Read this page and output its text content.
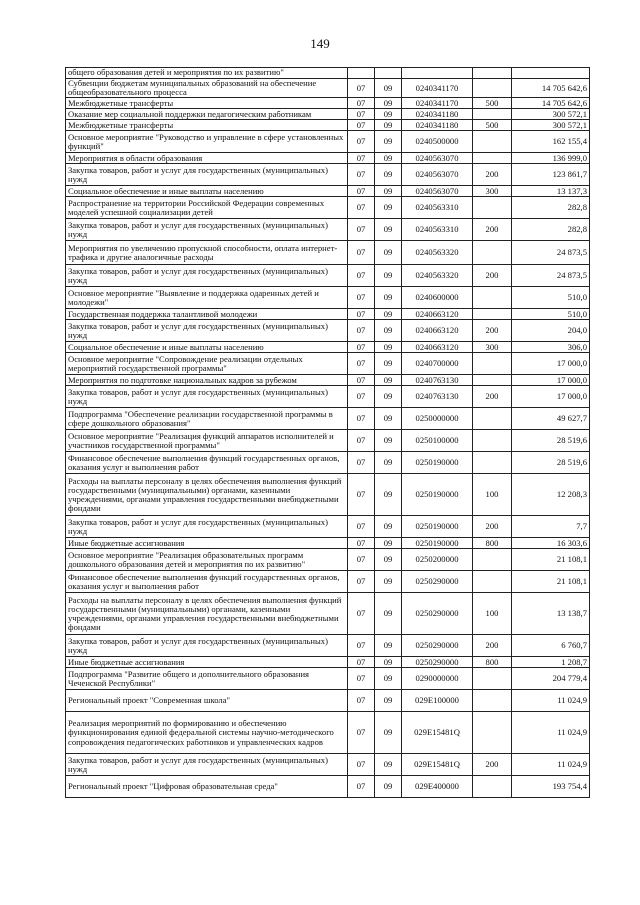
149
общего образования детей и мероприятия по их развитию"					
Субвенции бюджетам муниципальных образований на обеспечение общеобразовательного процесса	07	09	0240341170		14 705 642,6
Межбюджетные трансферты	07	09	0240341170	500	14 705 642,6
Оказание мер социальной поддержки педагогическим работникам	07	09	0240341180		300 572,1
Межбюджетные трансферты	07	09	0240341180	500	300 572,1
Основное мероприятие "Руководство и управление в сфере установленных функций"	07	09	0240500000		162 155,4
Мероприятия в области образования	07	09	0240563070		136 999,0
Закупка товаров, работ и услуг для государственных (муниципальных) нужд	07	09	0240563070	200	123 861,7
Социальное обеспечение и иные выплаты населению	07	09	0240563070	300	13 137,3
Распространение на территории Российской Федерации современных моделей успешной социализации детей	07	09	0240563310		282,8
Закупка товаров, работ и услуг для государственных (муниципальных) нужд	07	09	0240563310	200	282,8
Мероприятия по увеличению пропускной способности, оплата интернет-трафика и другие аналогичные расходы	07	09	0240563320		24 873,5
Закупка товаров, работ и услуг для государственных (муниципальных) нужд	07	09	0240563320	200	24 873,5
Основное мероприятие "Выявление и поддержка одаренных детей и молодежи"	07	09	0240600000		510,0
Государственная поддержка талантливой молодежи	07	09	0240663120		510,0
Закупка товаров, работ и услуг для государственных (муниципальных) нужд	07	09	0240663120	200	204,0
Социальное обеспечение и иные выплаты населению	07	09	0240663120	300	306,0
Основное мероприятие "Сопровождение реализации отдельных мероприятий государственной программы"	07	09	0240700000		17 000,0
Мероприятия по подготовке национальных кадров за рубежом	07	09	0240763130		17 000,0
Закупка товаров, работ и услуг для государственных (муниципальных) нужд	07	09	0240763130	200	17 000,0
Подпрограмма "Обеспечение реализации государственной программы в сфере дошкольного образования"	07	09	0250000000		49 627,7
Основное мероприятие "Реализация функций аппаратов исполнителей и участников государственной программы"	07	09	0250100000		28 519,6
Финансовое обеспечение выполнения функций государственных органов, оказания услуг и выполнения работ	07	09	0250190000		28 519,6
Расходы на выплаты персоналу в целях обеспечения выполнения функций государственными (муниципальными) органами, казенными учреждениями, органами управления государственными внебюджетными фондами	07	09	0250190000	100	12 208,3
Закупка товаров, работ и услуг для государственных (муниципальных) нужд	07	09	0250190000	200	7,7
Иные бюджетные ассигнования	07	09	0250190000	800	16 303,6
Основное мероприятие "Реализация образовательных программ дошкольного образования детей и мероприятия по их развитию"	07	09	0250200000		21 108,1
Финансовое обеспечение выполнения функций государственных органов, оказания услуг и выполнения работ	07	09	0250290000		21 108,1
Расходы на выплаты персоналу в целях обеспечения выполнения функций государственными (муниципальными) органами, казенными учреждениями, органами управления государственными внебюджетными фондами	07	09	0250290000	100	13 138,7
Закупка товаров, работ и услуг для государственных (муниципальных) нужд	07	09	0250290000	200	6 760,7
Иные бюджетные ассигнования	07	09	0250290000	800	1 208,7
Подпрограмма "Развитие общего и дополнительного образования Чеченской Республики"	07	09	0290000000		204 779,4
Региональный проект "Современная школа"	07	09	029E100000		11 024,9
Реализация мероприятий по формированию и обеспечению функционирования единой федеральной системы научно-методического сопровождения педагогических работников и управленческих кадров	07	09	029E15481Q		11 024,9
Закупка товаров, работ и услуг для государственных (муниципальных) нужд	07	09	029E15481Q	200	11 024,9
Региональный проект "Цифровая образовательная среда"	07	09	029E400000		193 754,4
